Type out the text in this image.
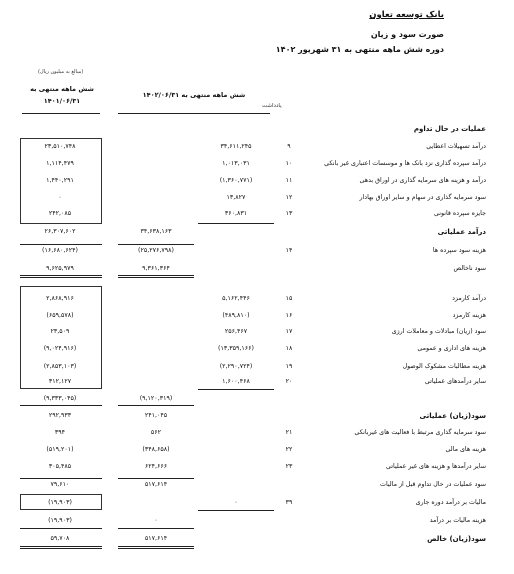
بانک توسعه تعاون
صورت سود و زیان
دوره شش ماهه منتهی به ۳۱ شهریور ۱۴۰۲
(مبالغ به میلیون ریال)
شش ماهه منتهی به ۱۴۰۲/۰۶/۳۱
شش ماهه منتهی به
۱۴۰۱/۰۶/۳۱
یادداشت
عملیات در حال تداوم
درآمد تسهیلات اعطایی
۹
۳۴,۶۱۱,۲۴۵
۲۳,۵۱۰,۷۴۸
درآمد سپرده گذاری نزد بانک ها و موسسات اعتباری غیر بانکی
۱۰
۱,۰۱۳,۰۳۱
۱,۱۱۴,۴۷۹
درآمد و هزینه های سرمایه گذاری در اوراق بدهی
۱۱
(۱,۳۶۰,۷۷۱)
۱,۴۴۰,۲۹۱
سود سرمایه گذاری در سهام و سایر اوراق بهادار
۱۲
۱۳,۸۲۷
۰
جایزه سپرده قانونی
۱۳
۳۶۰,۸۳۱
۲۴۲,۰۸۵
درآمد عملیاتی
۳۴,۶۳۸,۱۶۳
۲۶,۳۰۷,۶۰۲
هزینه سود سپرده ها
۱۴
(۲۵,۲۷۶,۷۹۸)
(۱۶,۶۸۰,۶۲۴)
سود ناخالص
۹,۳۶۱,۳۶۴
۹,۶۲۵,۹۷۹
درآمد کارمزد
۱۵
۵,۱۶۲,۴۴۶
۲,۸۶۸,۹۱۶
هزینه کارمزد
۱۶
(۴۸۹,۸۱۰)
(۶۵۹,۵۷۸)
سود (زیان) مبادلات و معاملات ارزی
۱۷
۲۵۶,۴۶۷
۲۳,۵۰۹
هزینه های اداری و عمومی
۱۸
(۱۳,۳۵۹,۱۶۶)
(۹,۰۲۴,۹۱۶)
هزینه مطالبات مشکوک الوصول
۱۹
(۲,۲۹۰,۷۲۴)
(۲,۸۵۳,۱۰۳)
سایر درآمدهای عملیاتی
۲۰
۱,۶۰۰,۴۶۸
۳۱۲,۱۲۷
(۹,۱۲۰,۳۱۹)
(۹,۳۳۳,۰۴۵)
سود(زیان) عملیاتی
۲۴۱,۰۴۵
۲۹۲,۹۳۳
سود سرمایه گذاری مرتبط با فعالیت های غیربانکی
۲۱
۵۶۲
۳۹۴
هزینه های مالی
۲۲
(۳۴۸,۶۵۸)
(۵۱۹,۲۰۱)
سایر درآمدها و هزینه های غیر عملیاتی
۲۳
۶۲۴,۶۶۶
۳۰۵,۴۸۵
سود عملیات در حال تداوم قبل از مالیات
۵۱۷,۶۱۴
۷۹,۶۱۰
مالیات بر درآمد دوره جاری
۳۹
۰
(۱۹,۹۰۳)
هزینه مالیات بر درآمد
۰
(۱۹,۹۰۳)
سود(زیان) خالص
۵۱۷,۶۱۴
۵۹,۷۰۸
